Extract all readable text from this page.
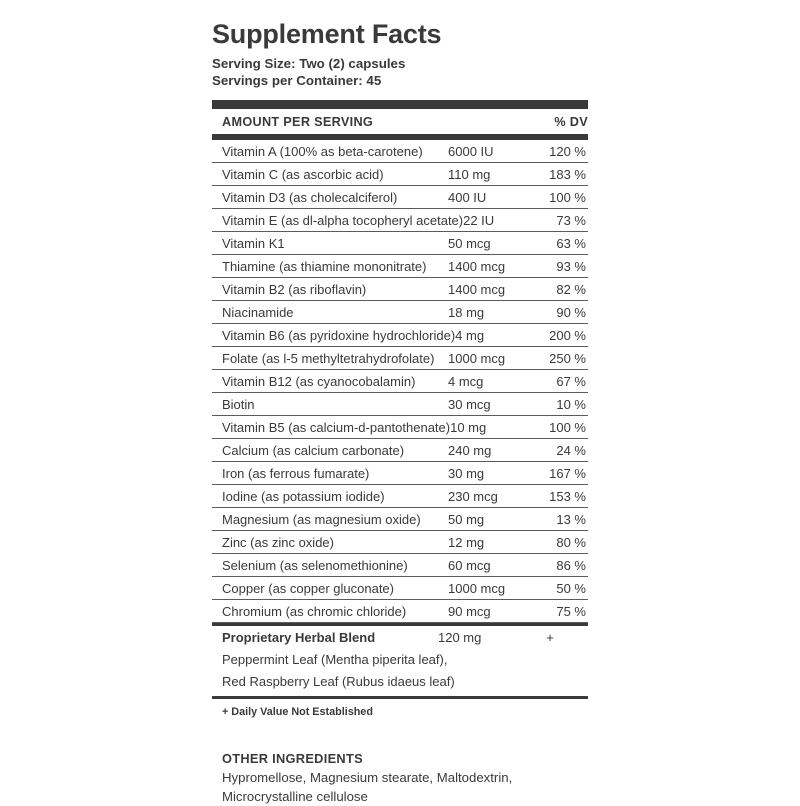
Supplement Facts
Serving Size: Two (2) capsules
Servings per Container: 45
AMOUNT PER SERVING	% DV
Vitamin A (100% as beta-carotene)	6000 IU	120 %
Vitamin C (as ascorbic acid)	110 mg	183 %
Vitamin D3 (as cholecalciferol)	400 IU	100 %
Vitamin E (as dl-alpha tocopheryl acetate) 22 IU	73 %
Vitamin K1	50 mcg	63 %
Thiamine (as thiamine mononitrate)	1400 mcg	93 %
Vitamin B2 (as riboflavin)	1400 mcg	82 %
Niacinamide	18 mg	90 %
Vitamin B6 (as pyridoxine hydrochloride) 4 mg	200 %
Folate (as l-5 methyltetrahydrofolate)	1000 mcg	250 %
Vitamin B12 (as cyanocobalamin)	4 mcg	67 %
Biotin	30 mcg	10 %
Vitamin B5 (as calcium-d-pantothenate) 10 mg	100 %
Calcium (as calcium carbonate)	240 mg	24 %
Iron (as ferrous fumarate)	30 mg	167 %
Iodine (as potassium iodide)	230 mcg	153 %
Magnesium (as magnesium oxide)	50 mg	13 %
Zinc (as zinc oxide)	12 mg	80 %
Selenium (as selenomethionine)	60 mcg	86 %
Copper (as copper gluconate)	1000 mcg	50 %
Chromium (as chromic chloride)	90 mcg	75 %
Proprietary Herbal Blend	120 mg	+
Peppermint Leaf (Mentha piperita leaf),
Red Raspberry Leaf (Rubus idaeus leaf)
+ Daily Value Not Established
OTHER INGREDIENTS
Hypromellose, Magnesium stearate, Maltodextrin,
Microcrystalline cellulose
